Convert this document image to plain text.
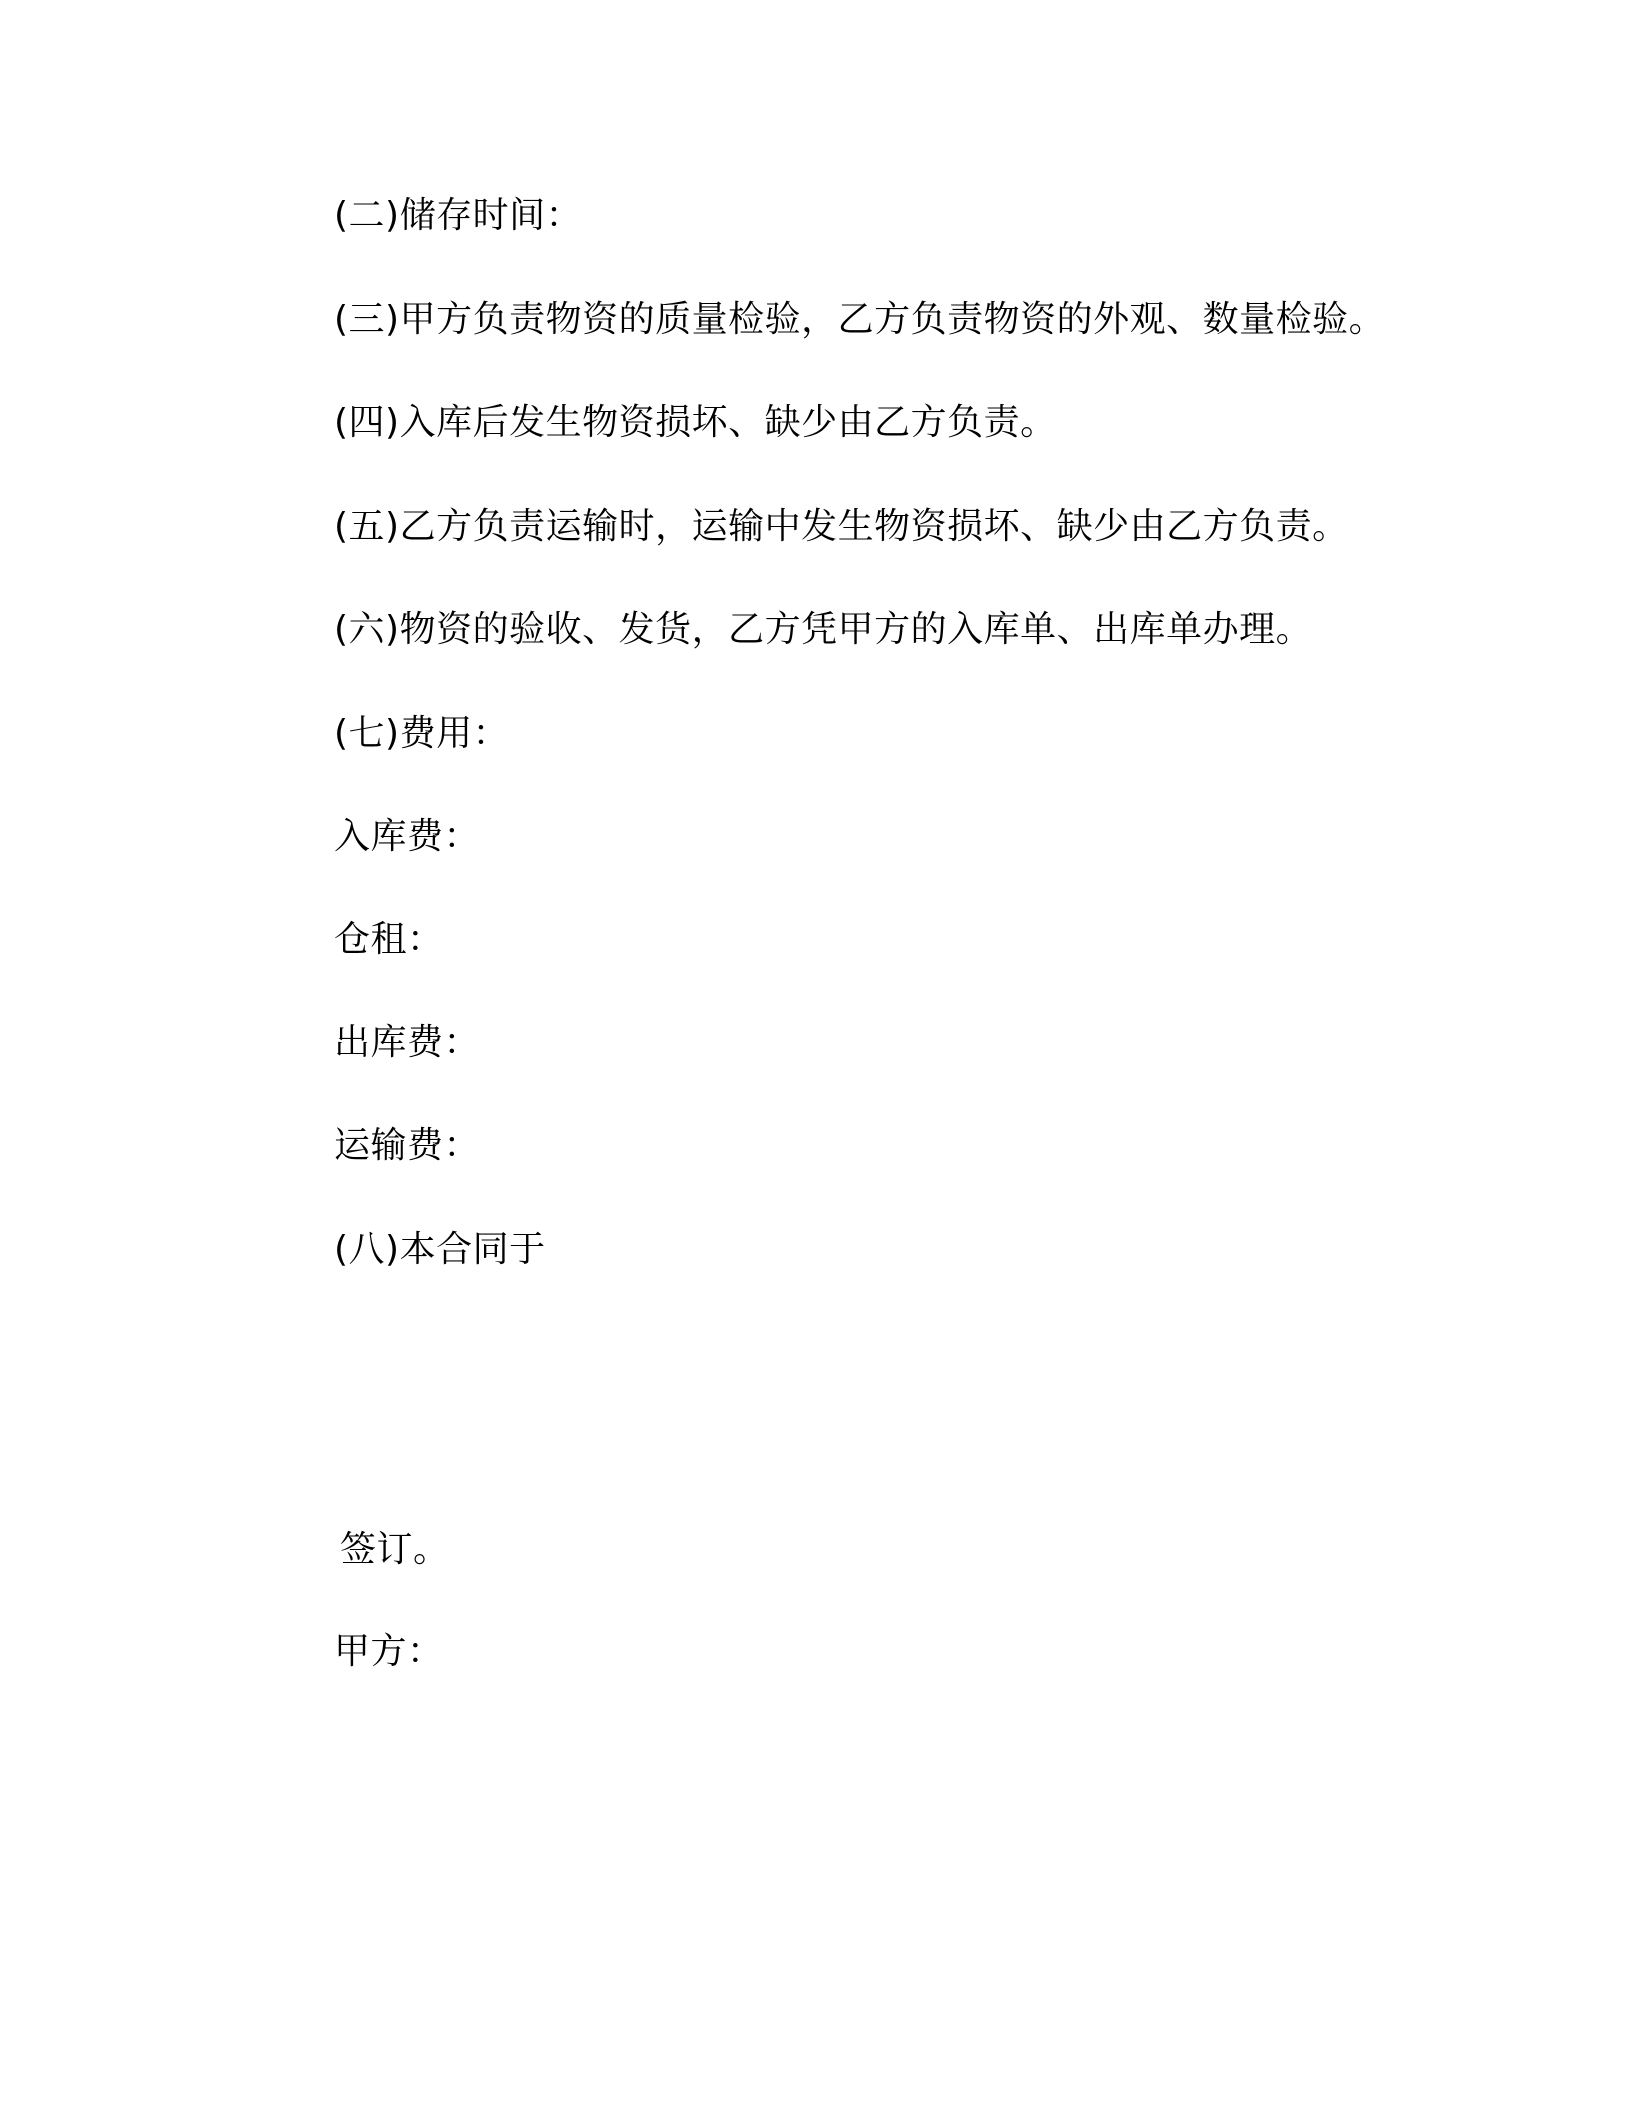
(二)储存时间：

(三)甲方负责物资的质量检验，乙方负责物资的外观、数量检验。

(四)入库后发生物资损坏、缺少由乙方负责。

(五)乙方负责运输时，运输中发生物资损坏、缺少由乙方负责。

(六)物资的验收、发货，乙方凭甲方的入库单、出库单办理。

(七)费用：

入库费：

仓租：

出库费：

运输费：

(八)本合同于

签订。

甲方：
